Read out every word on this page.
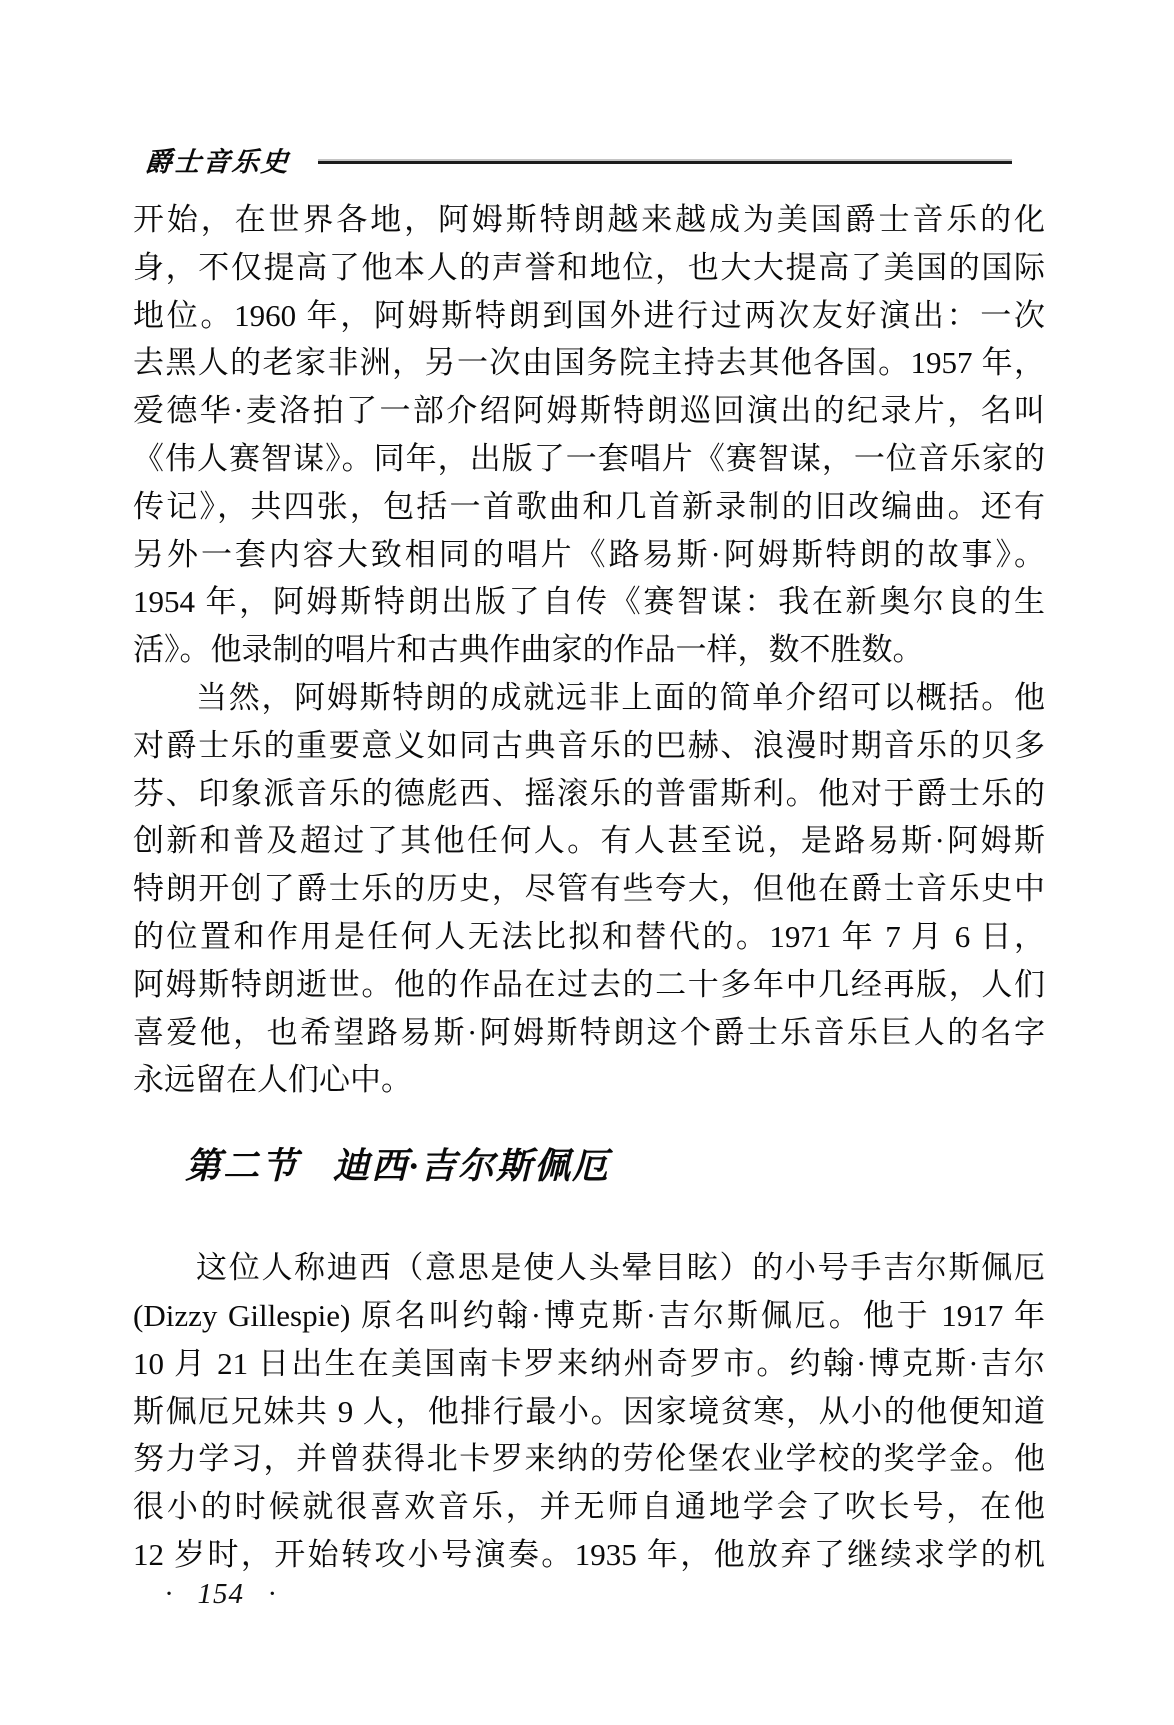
爵士音乐史
开始，在世界各地，阿姆斯特朗越来越成为美国爵士音乐的化
身，不仅提高了他本人的声誉和地位，也大大提高了美国的国际
地位。1960 年，阿姆斯特朗到国外进行过两次友好演出：一次
去黑人的老家非洲，另一次由国务院主持去其他各国。1957 年，
爱德华·麦洛拍了一部介绍阿姆斯特朗巡回演出的纪录片，名叫
《伟人赛智谋》。同年，出版了一套唱片《赛智谋，一位音乐家的
传记》，共四张，包括一首歌曲和几首新录制的旧改编曲。还有
另外一套内容大致相同的唱片《路易斯·阿姆斯特朗的故事》。
1954 年，阿姆斯特朗出版了自传《赛智谋：我在新奥尔良的生
活》。他录制的唱片和古典作曲家的作品一样，数不胜数。
当然，阿姆斯特朗的成就远非上面的简单介绍可以概括。他
对爵士乐的重要意义如同古典音乐的巴赫、浪漫时期音乐的贝多
芬、印象派音乐的德彪西、摇滚乐的普雷斯利。他对于爵士乐的
创新和普及超过了其他任何人。有人甚至说，是路易斯·阿姆斯
特朗开创了爵士乐的历史，尽管有些夸大，但他在爵士音乐史中
的位置和作用是任何人无法比拟和替代的。1971 年 7 月 6 日，
阿姆斯特朗逝世。他的作品在过去的二十多年中几经再版，人们
喜爱他，也希望路易斯·阿姆斯特朗这个爵士乐音乐巨人的名字
永远留在人们心中。
第二节 迪西·吉尔斯佩厄
这位人称迪西（意思是使人头晕目眩）的小号手吉尔斯佩厄
(Dizzy Gillespie) 原名叫约翰·博克斯·吉尔斯佩厄。他于 1917 年
10 月 21 日出生在美国南卡罗来纳州奇罗市。约翰·博克斯·吉尔
斯佩厄兄妹共 9 人，他排行最小。因家境贫寒，从小的他便知道
努力学习，并曾获得北卡罗来纳的劳伦堡农业学校的奖学金。他
很小的时候就很喜欢音乐，并无师自通地学会了吹长号，在他
12 岁时，开始转攻小号演奏。1935 年，他放弃了继续求学的机
· 154 ·
